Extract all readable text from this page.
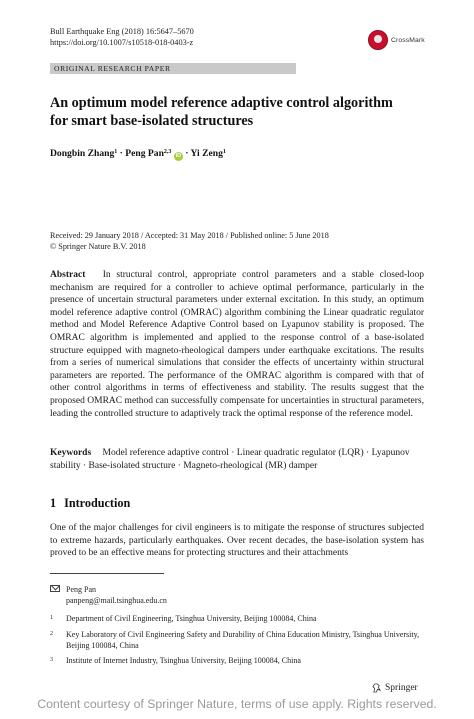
Bull Earthquake Eng (2018) 16:5647–5670
https://doi.org/10.1007/s10518-018-0403-z	CrossMark
ORIGINAL RESEARCH PAPER
An optimum model reference adaptive control algorithm
for smart base-isolated structures
Dongbin Zhang$^1$ · Peng Pan$^{2,3}$ iD · Yi Zeng$^1$
Received: 29 January 2018 / Accepted: 31 May 2018 / Published online: 5 June 2018
© Springer Nature B.V. 2018
Abstract In structural control, appropriate control parameters and a stable closed-loop mechanism are required for a controller to achieve optimal performance, particularly in the presence of uncertain structural parameters under external excitation. In this study, an optimum model reference adaptive control (OMRAC) algorithm combining the Linear quadratic regulator method and Model Reference Adaptive Control based on Lyapunov stability is proposed. The OMRAC algorithm is implemented and applied to the response control of a base-isolated structure equipped with magneto-rheological dampers under earthquake excitations. The results from a series of numerical simulations that consider the effects of uncertainty within structural parameters are reported. The performance of the OMRAC algorithm is compared with that of other control algorithms in terms of effectiveness and stability. The results suggest that the proposed OMRAC method can successfully compensate for uncertainties in structural parameters, leading the controlled structure to adaptively track the optimal response of the reference model.
Keywords Model reference adaptive control · Linear quadratic regulator (LQR) · Lyapunov stability · Base-isolated structure · Magneto-rheological (MR) damper
1 Introduction
One of the major challenges for civil engineers is to mitigate the response of structures subjected to extreme hazards, particularly earthquakes. Over recent decades, the base-isolation system has proved to be an effective means for protecting structures and their attachments
Peng Pan
panpeng@mail.tsinghua.edu.cn
1	Department of Civil Engineering, Tsinghua University, Beijing 100084, China
2	Key Laboratory of Civil Engineering Safety and Durability of China Education Ministry, Tsinghua University, Beijing 100084, China
3	Institute of Internet Industry, Tsinghua University, Beijing 100084, China
Springer
Content courtesy of Springer Nature, terms of use apply. Rights reserved.
